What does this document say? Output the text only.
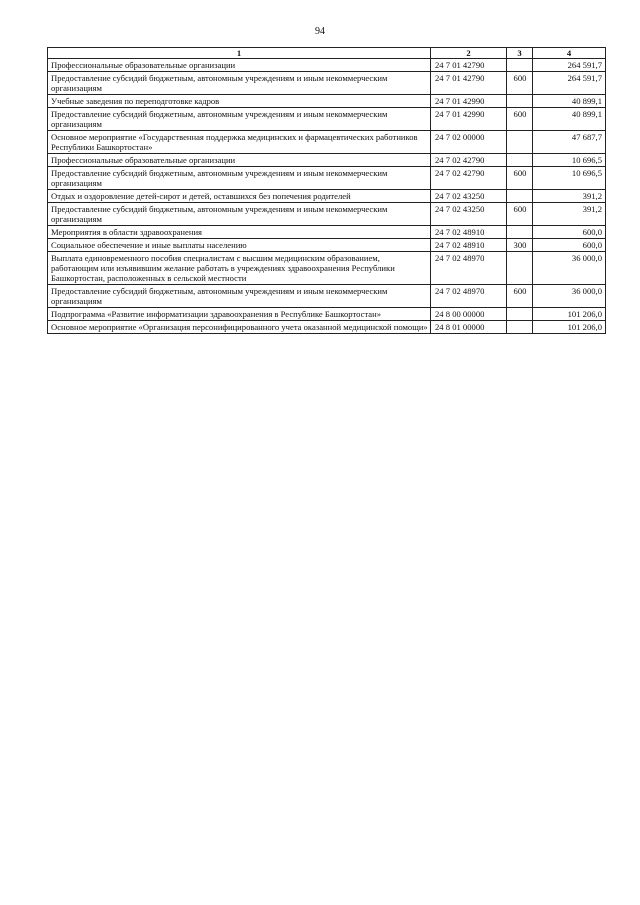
94
1	2	3	4
Профессиональные образовательные организации	24 7 01 42790		264 591,7
Предоставление субсидий бюджетным, автономным учреждениям и иным некоммерческим организациям	24 7 01 42790	600	264 591,7
Учебные заведения по переподготовке кадров	24 7 01 42990		40 899,1
Предоставление субсидий бюджетным, автономным учреждениям и иным некоммерческим организациям	24 7 01 42990	600	40 899,1
Основное мероприятие «Государственная поддержка медицинских и фармацевтических работников Республики Башкортостан»	24 7 02 00000		47 687,7
Профессиональные образовательные организации	24 7 02 42790		10 696,5
Предоставление субсидий бюджетным, автономным учреждениям и иным некоммерческим организациям	24 7 02 42790	600	10 696,5
Отдых и оздоровление детей-сирот и детей, оставшихся без попечения родителей	24 7 02 43250		391,2
Предоставление субсидий бюджетным, автономным учреждениям и иным некоммерческим организациям	24 7 02 43250	600	391,2
Мероприятия в области здравоохранения	24 7 02 48910		600,0
Социальное обеспечение и иные выплаты населению	24 7 02 48910	300	600,0
Выплата единовременного пособия специалистам с высшим медицинским образованием, работающим или изъявившим желание работать в учреждениях здравоохранения Республики Башкортостан, расположенных в сельской местности	24 7 02 48970		36 000,0
Предоставление субсидий бюджетным, автономным учреждениям и иным некоммерческим организациям	24 7 02 48970	600	36 000,0
Подпрограмма «Развитие информатизации здравоохранения в Республике Башкортостан»	24 8 00 00000		101 206,0
Основное мероприятие «Организация персонифицированного учета оказанной медицинской помощи»	24 8 01 00000		101 206,0
